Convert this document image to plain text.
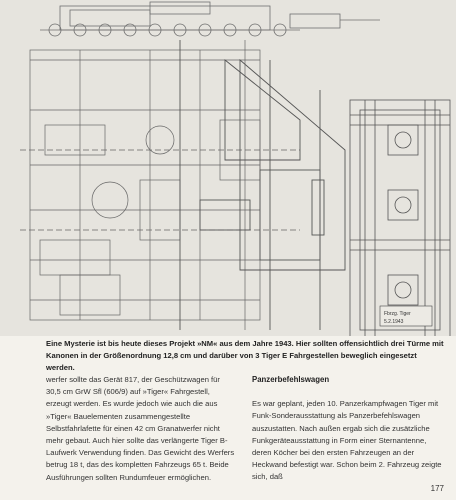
Fbrzg. Tiger
5.2.1943
Eine Mysterie ist bis heute dieses Projekt »NM« aus dem Jahre 1943. Hier sollten offensichtlich drei Türme mit Kanonen in der Größenordnung 12,8 cm und darüber von 3 Tiger E Fahrgestellen beweglich eingesetzt werden.

werfer sollte das Gerät 817, der Geschützwagen für 30,5 cm GrW Sfl (606/9) auf »Tiger« Fahrgestell, erzeugt werden. Es wurde jedoch wie auch die aus »Tiger« Bauelementen zusammengestellte Selbstfahrlafette für einen 42 cm Granatwerfer nicht mehr gebaut. Auch hier sollte das verlängerte Tiger B-Laufwerk Verwendung finden. Das Gewicht des Werfers betrug 18 t, das des kompletten Fahrzeugs 65 t. Beide Ausführungen sollten Rundumfeuer ermöglichen.

Panzerbefehlswagen

Es war geplant, jeden 10. Panzerkampfwagen Tiger mit Funk-Sonderausstattung als Panzerbefehlswagen auszustatten. Nach außen ergab sich die zusätzliche Funkgeräteausstattung in Form einer Sternantenne, deren Köcher bei den ersten Fahrzeugen an der Heckwand befestigt war. Schon beim 2. Fahrzeug zeigte sich, daß

177
